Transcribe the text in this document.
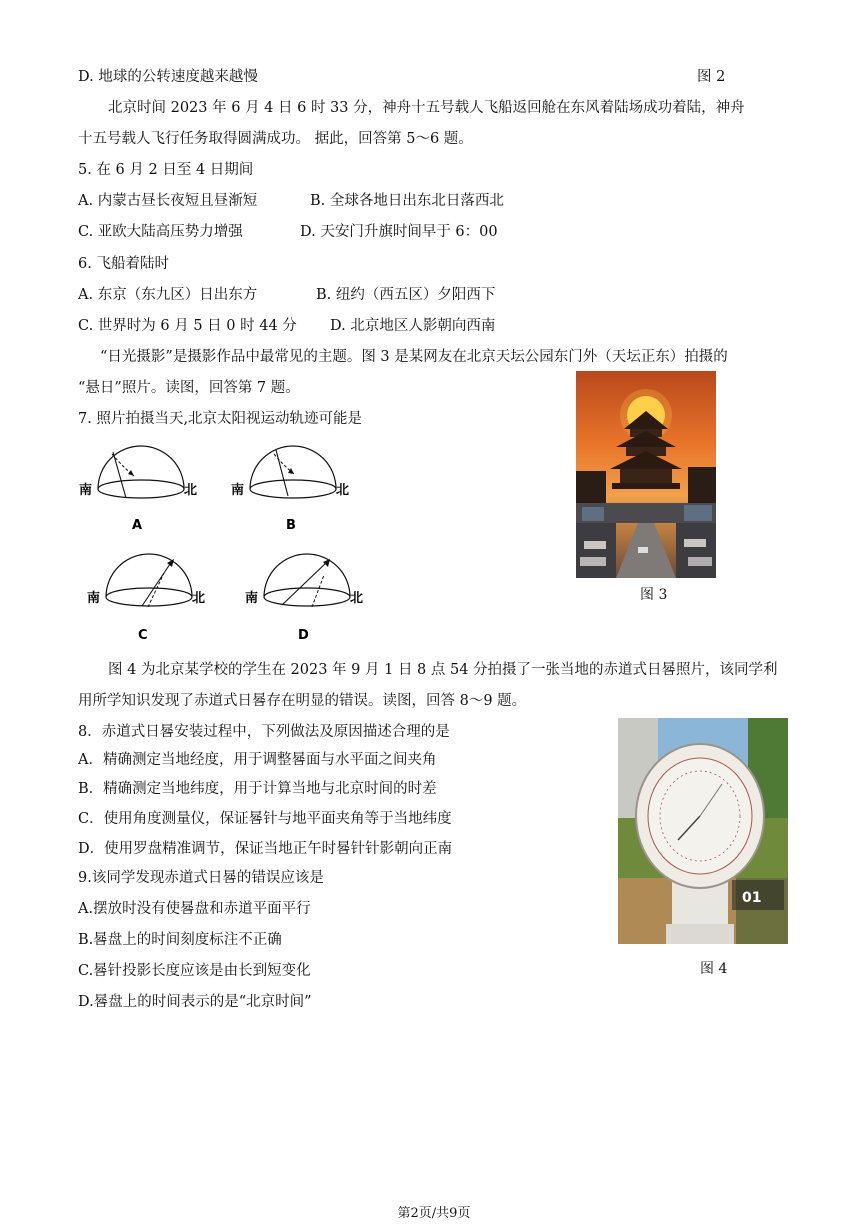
D. 地球的公转速度越来越慢	图 2
北京时间 2023 年 6 月 4 日 6 时 33 分，神舟十五号载人飞船返回舱在东风着陆场成功着陆，神舟
十五号载人飞行任务取得圆满成功。 据此，回答第 5～6 题。
5. 在 6 月 2 日至 4 日期间
A. 内蒙古昼长夜短且昼渐短	B. 全球各地日出东北日落西北
C. 亚欧大陆高压势力增强	D. 天安门升旗时间早于 6：00
6. 飞船着陆时
A. 东京（东九区）日出东方	B. 纽约（西五区）夕阳西下
C. 世界时为 6 月 5 日 0 时 44 分 D. 北京地区人影朝向西南
“日光摄影”是摄影作品中最常见的主题。图 3 是某网友在北京天坛公园东门外（天坛正东）拍摄的
“悬日”照片。读图，回答第 7 题。
7. 照片拍摄当天,北京太阳视运动轨迹可能是
南	北
A
南	北
B
南	北
C
南	北
D
图 3
图 4 为北京某学校的学生在 2023 年 9 月 1 日 8 点 54 分拍摄了一张当地的赤道式日晷照片，该同学利
用所学知识发现了赤道式日晷存在明显的错误。读图，回答 8～9 题。
8．赤道式日晷安装过程中，下列做法及原因描述合理的是
A．精确测定当地经度，用于调整晷面与水平面之间夹角
B．精确测定当地纬度，用于计算当地与北京时间的时差
C．使用角度测量仪，保证晷针与地平面夹角等于当地纬度
D．使用罗盘精准调节，保证当地正午时晷针针影朝向正南
9.该同学发现赤道式日晷的错误应该是
A.摆放时没有使晷盘和赤道平面平行
B.晷盘上的时间刻度标注不正确
C.晷针投影长度应该是由长到短变化
D.晷盘上的时间表示的是“北京时间”
01
图 4
第2页/共9页
